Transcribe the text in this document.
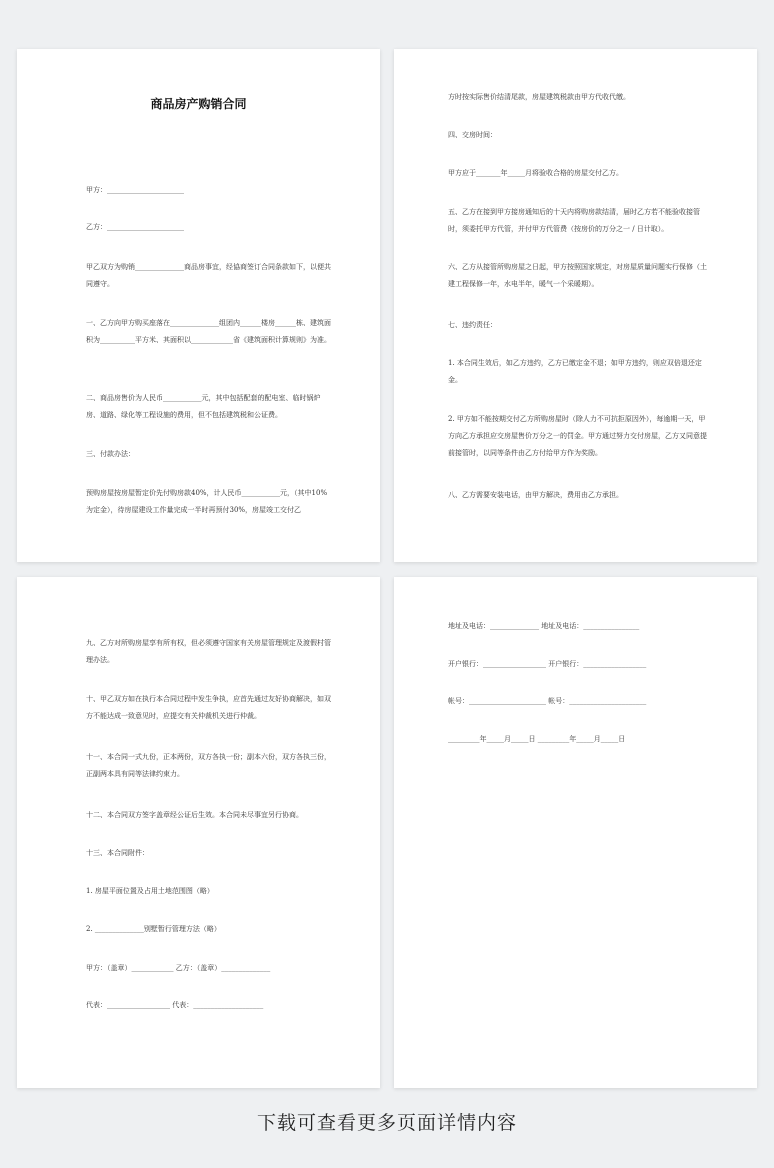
商品房产购销合同

甲方：______________________

乙方：______________________

甲乙双方为购销______________商品房事宜，经協商签订合同条款如下，以便共同遵守。

一、乙方向甲方购买座落在______________组团内______楼房______栋、建筑面积为__________平方米、其面积以____________省《建筑面积计算规则》为准。

二、商品房售价为人民币___________元，其中包括配套的配电室、临时锅炉房、道路、绿化等工程设施的费用，但不包括建筑税和公证费。

三、付款办法：

预购房屋按房屋暂定价先付购房款40%，计人民币___________元，（其中10%为定金），待房屋建设工作量完成一半时再预付30%，房屋竣工交付乙

方时按实际售价结清尾款，房屋建筑税款由甲方代收代缴。

四、交房时间：

甲方应于_______年_____月将验收合格的房屋交付乙方。

五、乙方在接到甲方接房通知后的十天内将购房款结清，届时乙方若不能验收接管时，须委托甲方代管，并付甲方代管费（按房价的万分之一 / 日计取）。

六、乙方从接管所购房屋之日起，甲方按照国家规定，对房屋质量问题实行保修（土建工程保修一年，水电半年，暖气一个采暖期）。

七、违约责任：

1. 本合同生效后，如乙方违约，乙方已缴定金不退；如甲方违约，则应双倍退还定金。

2. 甲方如不能按期交付乙方所购房屋时（除人力不可抗拒原因外），每逾期一天，甲方向乙方承担应交房屋售价万分之一的罚金。甲方通过努力交付房屋，乙方又同意提前接管时，以同等条件由乙方付给甲方作为奖励。

八、乙方需要安装电话，由甲方解决，费用由乙方承担。

九、乙方对所购房屋享有所有权，但必须遵守国家有关房屋管理规定及渡假村管理办法。

十、甲乙双方如在执行本合同过程中发生争执，应首先通过友好协商解决，如双方不能达成一致意见时，应提交有关仲裁机关进行仲裁。

十一、本合同一式九份，正本两份，双方各执一份；副本六份，双方各执三份，正副两本具有同等法律约束力。

十二、本合同双方签字盖章经公证后生效。本合同未尽事宜另行协商。

十三、本合同附件：

1. 房屋平面位置及占用土地范围图（略）

2. ______________别墅暂行管理方法（略）

甲方：（盖章）____________ 乙方：（盖章）______________

代表：__________________ 代表：____________________

地址及电话：______________ 地址及电话：________________

开户银行：__________________ 开户银行：__________________

帐号：______________________ 帐号：______________________

_________年_____月_____日 _________年_____月_____日

下载可查看更多页面详情内容
